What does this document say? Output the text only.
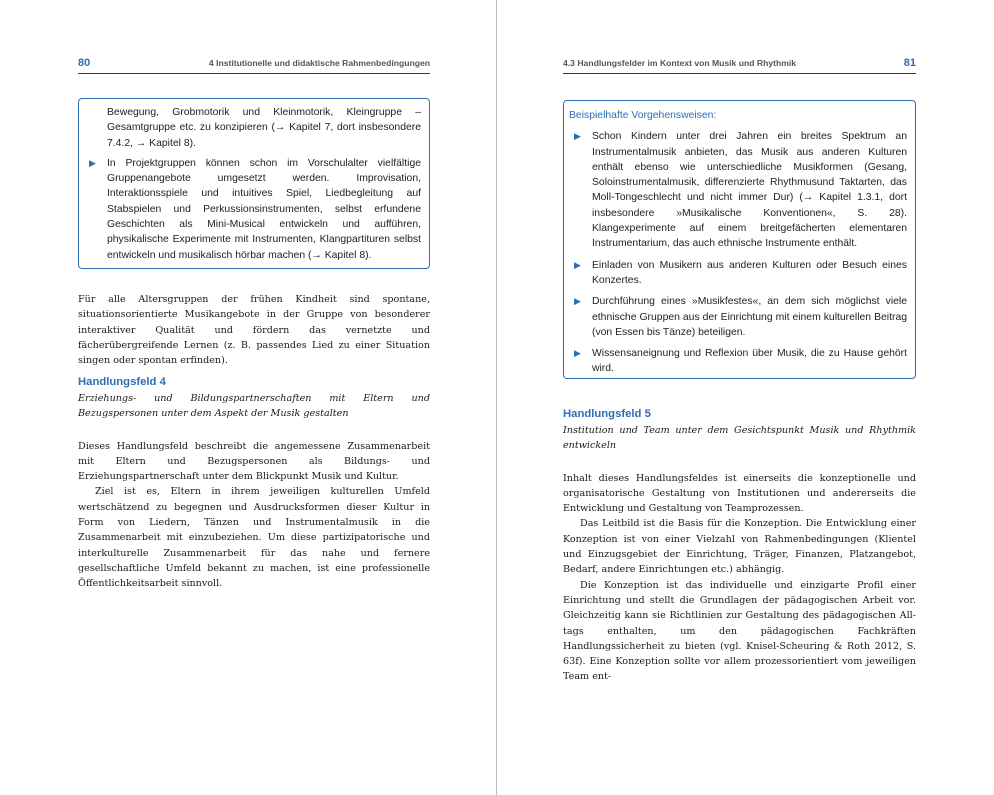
80	4 Institutionelle und didaktische Rahmenbedingungen
Bewegung, Grobmotorik und Kleinmotorik, Kleingruppe – Gesamtgruppe etc. zu konzipieren (→ Kapitel 7, dort insbesondere 7.4.2, → Kapitel 8).
▶ In Projektgruppen können schon im Vorschulalter vielfältige Gruppenangebote umgesetzt werden. Improvisation, Interaktionsspiele und intuitives Spiel, Liedbegleitung auf Stabspielen und Perkussionsinstrumenten, selbst erfundene Geschichten als Mini-Musical entwickeln und aufführen, physikalische Experimente mit Instrumenten, Klangpartituren selbst entwickeln und musikalisch hörbar machen (→ Kapitel 8).

Für alle Altersgruppen der frühen Kindheit sind spontane, situationsorientierte Musikangebote in der Gruppe von besonderer interaktiver Qualität und fördern das vernetzte und fächerübergreifende Lernen (z. B. passendes Lied zu einer Situation singen oder spontan erfinden).

Handlungsfeld 4
Erziehungs- und Bildungspartnerschaften mit Eltern und Bezugspersonen unter dem Aspekt der Musik gestalten

Dieses Handlungsfeld beschreibt die angemessene Zusammenarbeit mit Eltern und Bezugspersonen als Bildungs- und Erziehungspartnerschaft unter dem Blickpunkt Musik und Kultur.

Ziel ist es, Eltern in ihrem jeweiligen kulturellen Umfeld wertschätzend zu begegnen und Ausdrucksformen dieser Kultur in Form von Liedern, Tänzen und Instrumentalmusik in die Zusammenarbeit mit einzubeziehen. Um diese partizipatorische und interkulturelle Zusammenarbeit für das nahe und fernere gesellschaftliche Umfeld bekannt zu machen, ist eine professionelle Öffentlichkeitsarbeit sinnvoll.

4.3 Handlungsfelder im Kontext von Musik und Rhythmik	81
Beispielhafte Vorgehensweisen:
▶ Schon Kindern unter drei Jahren ein breites Spektrum an Instrumentalmusik anbieten, das Musik aus anderen Kulturen enthält ebenso wie unterschiedliche Musikformen (Gesang, Soloinstrumentalmusik, differenzierte Rhythmusund Taktarten, das Moll-Tongeschlecht und nicht immer Dur) (→ Kapitel 1.3.1, dort insbesondere »Musikalische Konventionen«, S. 28). Klangexperimente auf einem breitgefächerten elementaren Instrumentarium, das auch ethnische Instrumente enthält.
▶ Einladen von Musikern aus anderen Kulturen oder Besuch eines Konzertes.
▶ Durchführung eines »Musikfestes«, an dem sich möglichst viele ethnische Gruppen aus der Einrichtung mit einem kulturellen Beitrag (von Essen bis Tänze) beteiligen.
▶ Wissensaneignung und Reflexion über Musik, die zu Hause gehört wird.
Handlungsfeld 5
Institution und Team unter dem Gesichtspunkt Musik und Rhythmik entwickeln

Inhalt dieses Handlungsfeldes ist einerseits die konzeptionelle und organisatorische Gestaltung von Institutionen und andererseits die Entwicklung und Gestaltung von Teamprozessen.

Das Leitbild ist die Basis für die Konzeption. Die Entwicklung einer Konzeption ist von einer Vielzahl von Rahmenbedingungen (Klientel und Einzugsgebiet der Einrichtung, Träger, Finanzen, Platzangebot, Bedarf, andere Einrichtungen etc.) abhängig.

Die Konzeption ist das individuelle und einzigarte Profil einer Einrichtung und stellt die Grundlagen der pädagogischen Arbeit vor. Gleichzeitig kann sie Richtlinien zur Gestaltung des pädagogischen All-tags enthalten, um den pädagogischen Fachkräften Handlungssicherheit zu bieten (vgl. Knisel-Scheuring & Roth 2012, S. 63f). Eine Konzeption sollte vor allem prozessorientiert vom jeweiligen Team ent-
